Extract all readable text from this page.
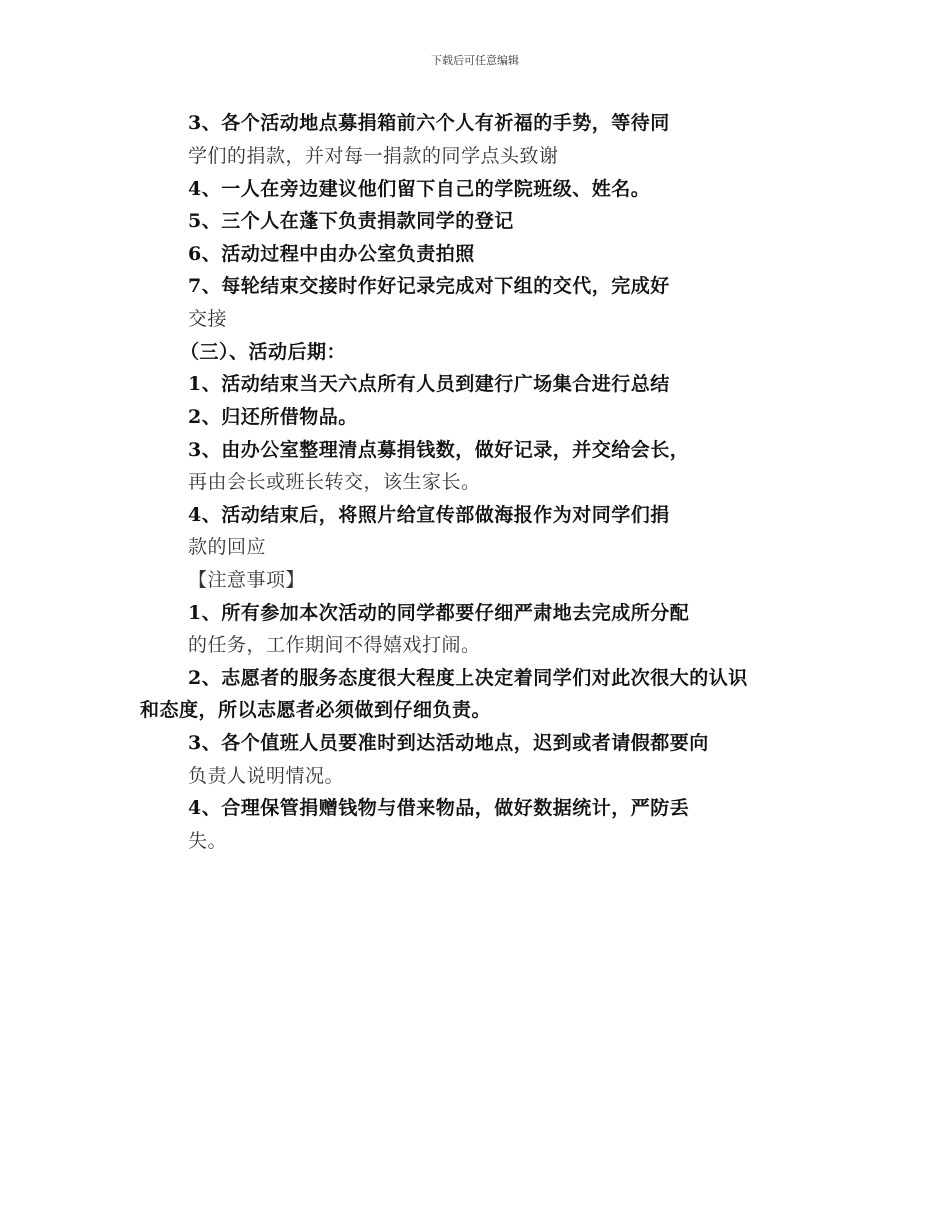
下载后可任意编辑
3、各个活动地点募捐箱前六个人有祈福的手势，等待同
学们的捐款，并对每一捐款的同学点头致谢
4、一人在旁边建议他们留下自己的学院班级、姓名。
5、三个人在蓬下负责捐款同学的登记
6、活动过程中由办公室负责拍照
7、每轮结束交接时作好记录完成对下组的交代，完成好
交接
（三）、活动后期：
1、活动结束当天六点所有人员到建行广场集合进行总结
2、归还所借物品。
3、由办公室整理清点募捐钱数，做好记录，并交给会长，
再由会长或班长转交，该生家长。
4、活动结束后，将照片给宣传部做海报作为对同学们捐
款的回应
【注意事项】
1、所有参加本次活动的同学都要仔细严肃地去完成所分配
的任务，工作期间不得嬉戏打闹。
2、志愿者的服务态度很大程度上决定着同学们对此次很大的认识
和态度，所以志愿者必须做到仔细负责。
3、各个值班人员要准时到达活动地点，迟到或者请假都要向
负责人说明情况。
4、合理保管捐赠钱物与借来物品，做好数据统计，严防丢
失。
